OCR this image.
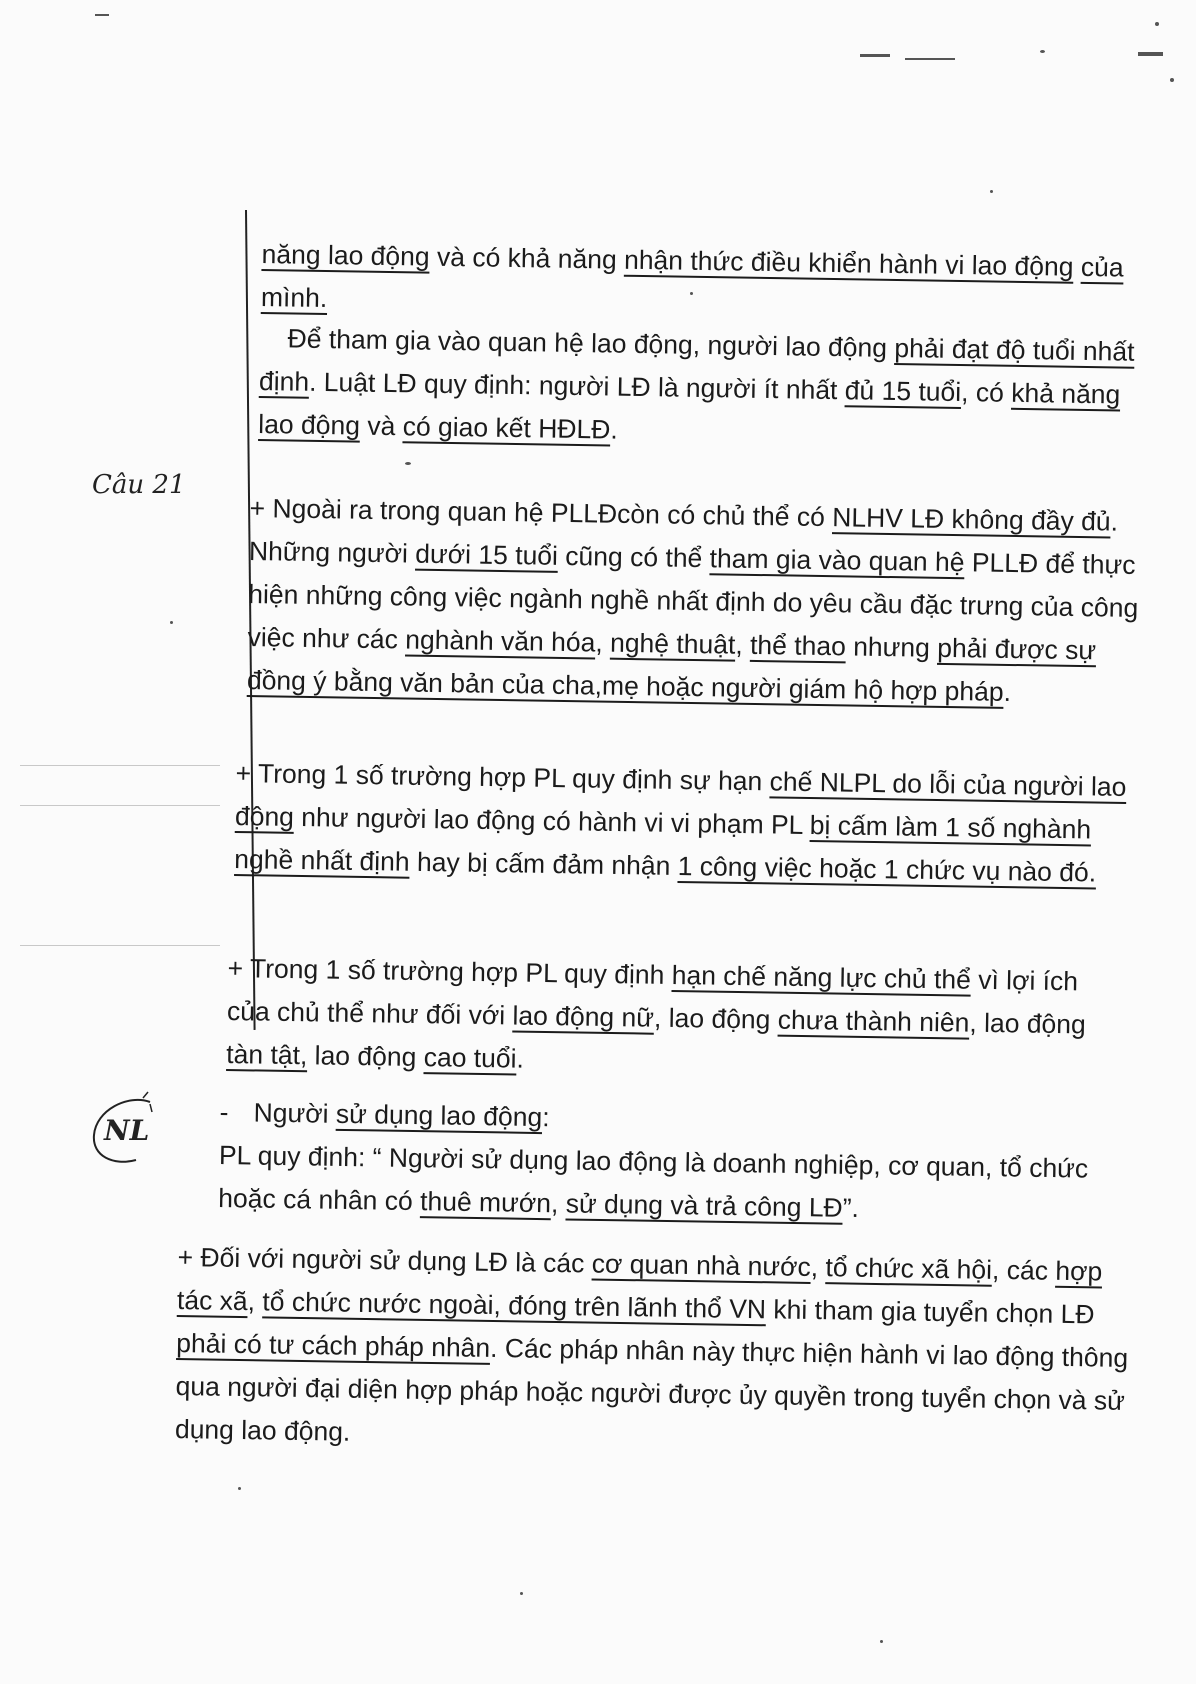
Câu 21
NL

năng lao động và có khả năng nhận thức điều khiển hành vi lao động của mình.

Để tham gia vào quan hệ lao động, người lao động phải đạt độ tuổi nhất định. Luật LĐ quy định: người LĐ là người ít nhất đủ 15 tuổi, có khả năng lao động và có giao kết HĐLĐ.

+ Ngoài ra trong quan hệ PLLĐcòn có chủ thể có NLHV LĐ không đầy đủ. Những người dưới 15 tuổi cũng có thể tham gia vào quan hệ PLLĐ để thực hiện những công việc ngành nghề nhất định do yêu cầu đặc trưng của công việc như các nghành văn hóa, nghệ thuật, thể thao nhưng phải được sự đồng ý bằng văn bản của cha,mẹ hoặc người giám hộ hợp pháp.

+ Trong 1 số trường hợp PL quy định sự hạn chế NLPL do lỗi của người lao động như người lao động có hành vi vi phạm PL bị cấm làm 1 số nghành nghề nhất định hay bị cấm đảm nhận 1 công việc hoặc 1 chức vụ nào đó.

+ Trong 1 số trường hợp PL quy định hạn chế năng lực chủ thể vì lợi ích của chủ thể như đối với lao động nữ, lao động chưa thành niên, lao động tàn tật, lao động cao tuổi.

- Người sử dụng lao động:
PL quy định: “ Người sử dụng lao động là doanh nghiệp, cơ quan, tổ chức hoặc cá nhân có thuê mướn, sử dụng và trả công LĐ”.

+ Đối với người sử dụng LĐ là các cơ quan nhà nước, tổ chức xã hội, các hợp tác xã, tổ chức nước ngoài, đóng trên lãnh thổ VN khi tham gia tuyển chọn LĐ phải có tư cách pháp nhân. Các pháp nhân này thực hiện hành vi lao động thông qua người đại diện hợp pháp hoặc người được ủy quyền trong tuyển chọn và sử dụng lao động.
